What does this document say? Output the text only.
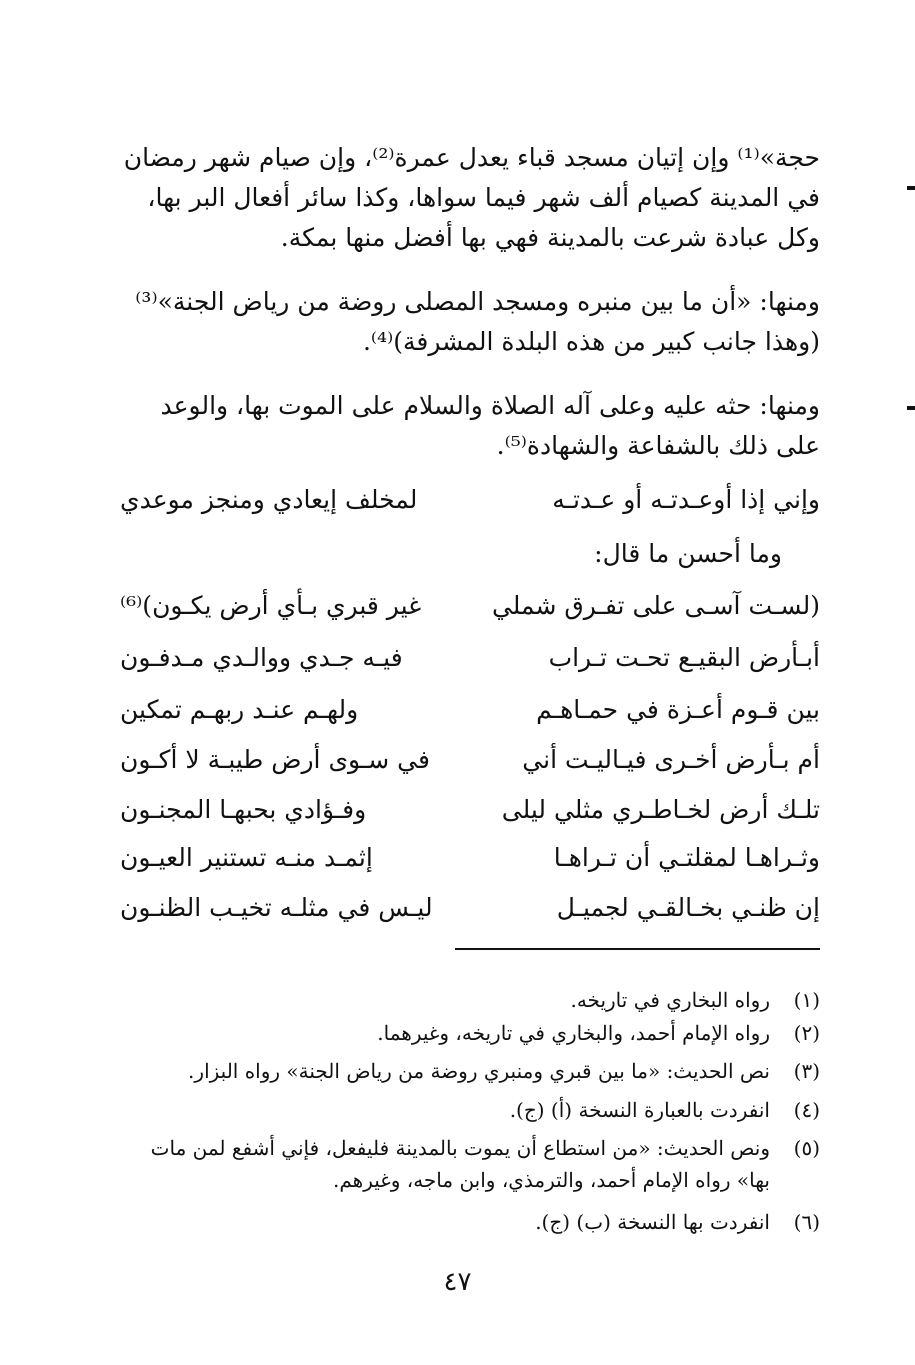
حجة»⁽¹⁾ وإن إتيان مسجد قباء يعدل عمرة⁽²⁾، وإن صيام شهر رمضان
في المدينة كصيام ألف شهر فيما سواها، وكذا سائر أفعال البر بها،
وكل عبادة شرعت بالمدينة فهي بها أفضل منها بمكة.
ومنها: «أن ما بين منبره ومسجد المصلى روضة من رياض الجنة»⁽³⁾
(وهذا جانب كبير من هذه البلدة المشرفة)⁽⁴⁾.
ومنها: حثه عليه وعلى آله الصلاة والسلام على الموت بها، والوعد
على ذلك بالشفاعة والشهادة⁽⁵⁾.
وإني إذا أوعـدتـه أو عـدتـه
لمخلف إيعادي ومنجز موعدي
وما أحسن ما قال:
(لسـت آسـى على تفـرق شملي
غير قبري بـأي أرض يكـون)⁽⁶⁾
أبـأرض البقيـع تحـت تـراب
فيـه جـدي ووالـدي مـدفـون
بين قـوم أعـزة في حمـاهـم
ولهـم عنـد ربهـم تمكين
أم بـأرض أخـرى فيـاليـت أني
في سـوى أرض طيبـة لا أكـون
تلـك أرض لخـاطـري مثلي ليلى
وفـؤادي بحبهـا المجنـون
وثـراهـا لمقلتـي أن تـراهـا
إثمـد منـه تستنير العيـون
إن ظنـي بخـالقـي لجميـل
ليـس في مثلـه تخيـب الظنـون
(١)
رواه البخاري في تاريخه.
(٢)
رواه الإمام أحمد، والبخاري في تاريخه، وغيرهما.
(٣)
نص الحديث: «ما بين قبري ومنبري روضة من رياض الجنة» رواه البزار.
(٤)
انفردت بالعبارة النسخة (أ) (ج).
(٥)
ونص الحديث: «من استطاع أن يموت بالمدينة فليفعل، فإني أشفع لمن مات
بها» رواه الإمام أحمد، والترمذي، وابن ماجه، وغيرهم.
(٦)
انفردت بها النسخة (ب) (ج).
٤٧
